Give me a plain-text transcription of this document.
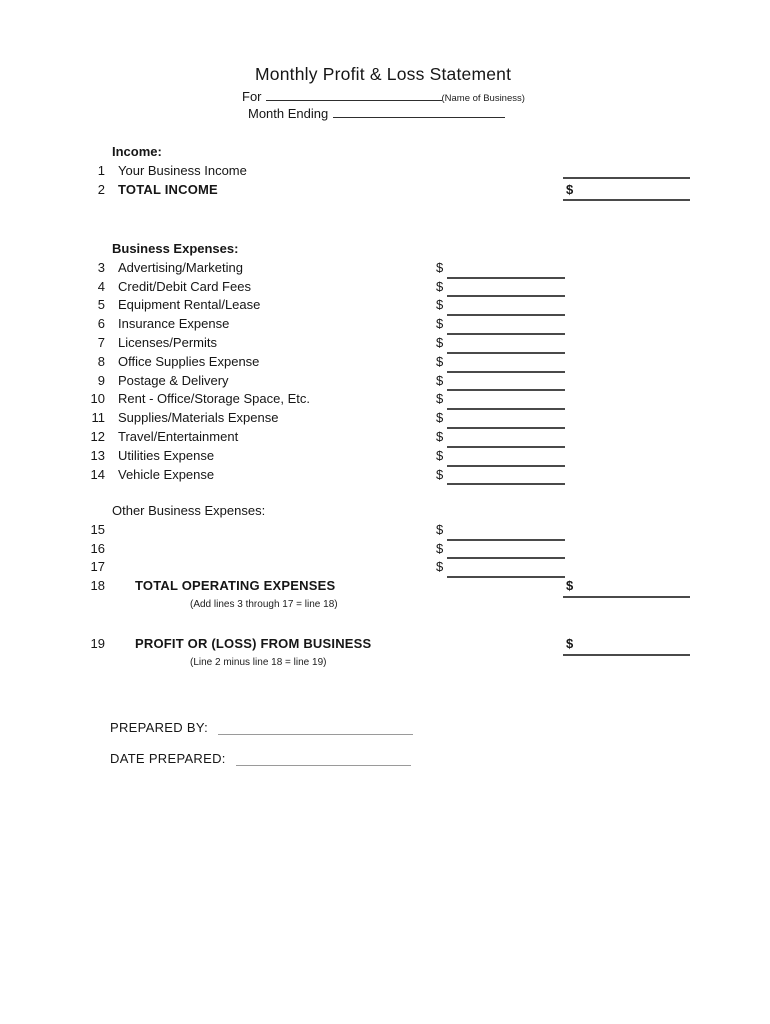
Monthly Profit & Loss Statement
For	(Name of Business)
Month Ending
Income:
1 Your Business Income
2 TOTAL INCOME	$
Business Expenses:
3 Advertising/Marketing	$
4 Credit/Debit Card Fees	$
5 Equipment Rental/Lease	$
6 Insurance Expense	$
7 Licenses/Permits	$
8 Office Supplies Expense	$
9 Postage & Delivery	$
10 Rent - Office/Storage Space, Etc.	$
11 Supplies/Materials Expense	$
12 Travel/Entertainment	$
13 Utilities Expense	$
14 Vehicle Expense	$
Other Business Expenses:
15	$
16	$
17	$
18 TOTAL OPERATING EXPENSES	$
(Add lines 3 through 17 = line 18)
19 PROFIT OR (LOSS) FROM BUSINESS	$
(Line 2 minus line 18 = line 19)
PREPARED BY:
DATE PREPARED:
